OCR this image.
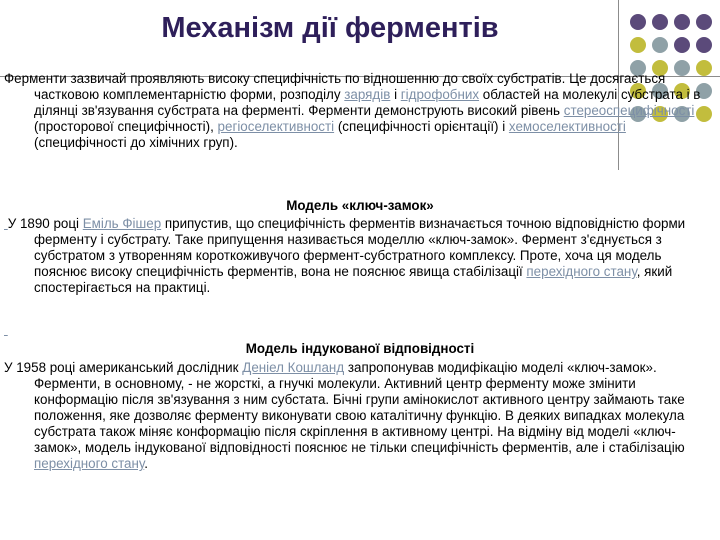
Механізм дії ферментів

Ферменти зазвичай проявляють високу специфічність по відношенню до своїх субстратів. Це досягається частковою комплементарністю форми, розподілу зарядів і гідрофобних областей на молекулі субстрата і в ділянці зв'язування субстрата на ферменті. Ферменти демонструють високий рівень стереоспецифічності (просторової специфічності), регіоселективності (специфічності орієнтації) і хемоселективності (специфічності до хімічних груп).

Модель «ключ-замок»

У 1890 році Еміль Фішер припустив, що специфічність ферментів визначається точною відповідністю форми ферменту і субстрату. Таке припущення називається моделлю «ключ-замок». Фермент з'єднується з субстратом з утворенням короткоживучого фермент-субстратного комплексу. Проте, хоча ця модель пояснює високу специфічність ферментів, вона не пояснює явища стабілізації перехідного стану, який спостерігається на практиці.

Модель індукованої відповідності

У 1958 році американський дослідник Деніел Кошланд запропонував модифікацію моделі «ключ-замок». Ферменти, в основному, - не жорсткі, а гнучкі молекули. Активний центр ферменту може змінити конформацію після зв'язування з ним субстата. Бічні групи амінокислот активного центру займають таке положення, яке дозволяє ферменту виконувати свою каталітичну функцію. В деяких випадках молекула субстрата також міняє конформацію після скріплення в активному центрі. На відміну від моделі «ключ-замок», модель індукованої відповідності пояснює не тільки специфічність ферментів, але і стабілізацію перехідного стану.
